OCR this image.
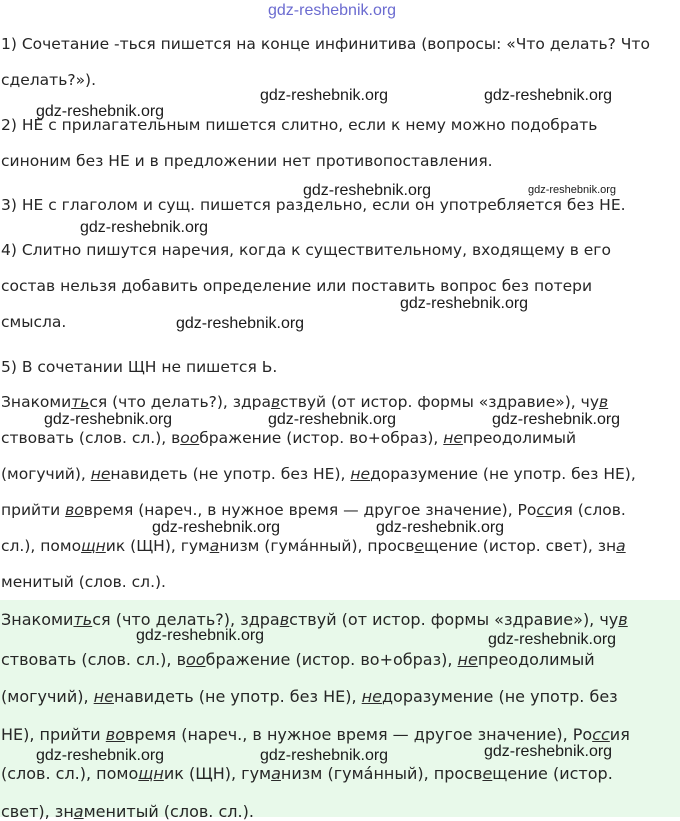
gdz-reshebnik.org
1) Сочетание -ться пишется на конце инфинитива (вопросы: «Что делать? Что
сделать?»).
2) НЕ с прилагательным пишется слитно, если к нему можно подобрать
синоним без НЕ и в предложении нет противопоставления.
3) НЕ с глаголом и сущ. пишется раздельно, если он употребляется без НЕ.
4) Слитно пишутся наречия, когда к существительному, входящему в его
состав нельзя добавить определение или поставить вопрос без потери
смысла.
5) В сочетании ЩН не пишется Ь.
Знакомиться (что делать?), здравствуй (от истор. формы «здравие»), чув
ствовать (слов. сл.), воображение (истор. во+образ), непреодолимый
(могучий), ненавидеть (не употр. без НЕ), недоразумение (не употр. без НЕ),
прийти вовремя (нареч., в нужное время — другое значение), Россия (слов.
сл.), помощник (ЩН), гуманизм (гума́нный), просвещение (истор. свет), зна
менитый (слов. сл.).
Знакомиться (что делать?), здравствуй (от истор. формы «здравие»), чув
ствовать (слов. сл.), воображение (истор. во+образ), непреодолимый
(могучий), ненавидеть (не употр. без НЕ), недоразумение (не употр. без
НЕ), прийти вовремя (нареч., в нужное время — другое значение), Россия
(слов. сл.), помощник (ЩН), гуманизм (гума́нный), просвещение (истор.
свет), знаменитый (слов. сл.).
gdz-reshebnik.org
gdz-reshebnik.org	gdz-reshebnik.org
gdz-reshebnik.org	gdz-reshebnik.org
gdz-reshebnik.org
gdz-reshebnik.org
gdz-reshebnik.org
gdz-reshebnik.org	gdz-reshebnik.org	gdz-reshebnik.org
gdz-reshebnik.org	gdz-reshebnik.org
gdz-reshebnik.org	gdz-reshebnik.org
gdz-reshebnik.org	gdz-reshebnik.org	gdz-reshebnik.org
